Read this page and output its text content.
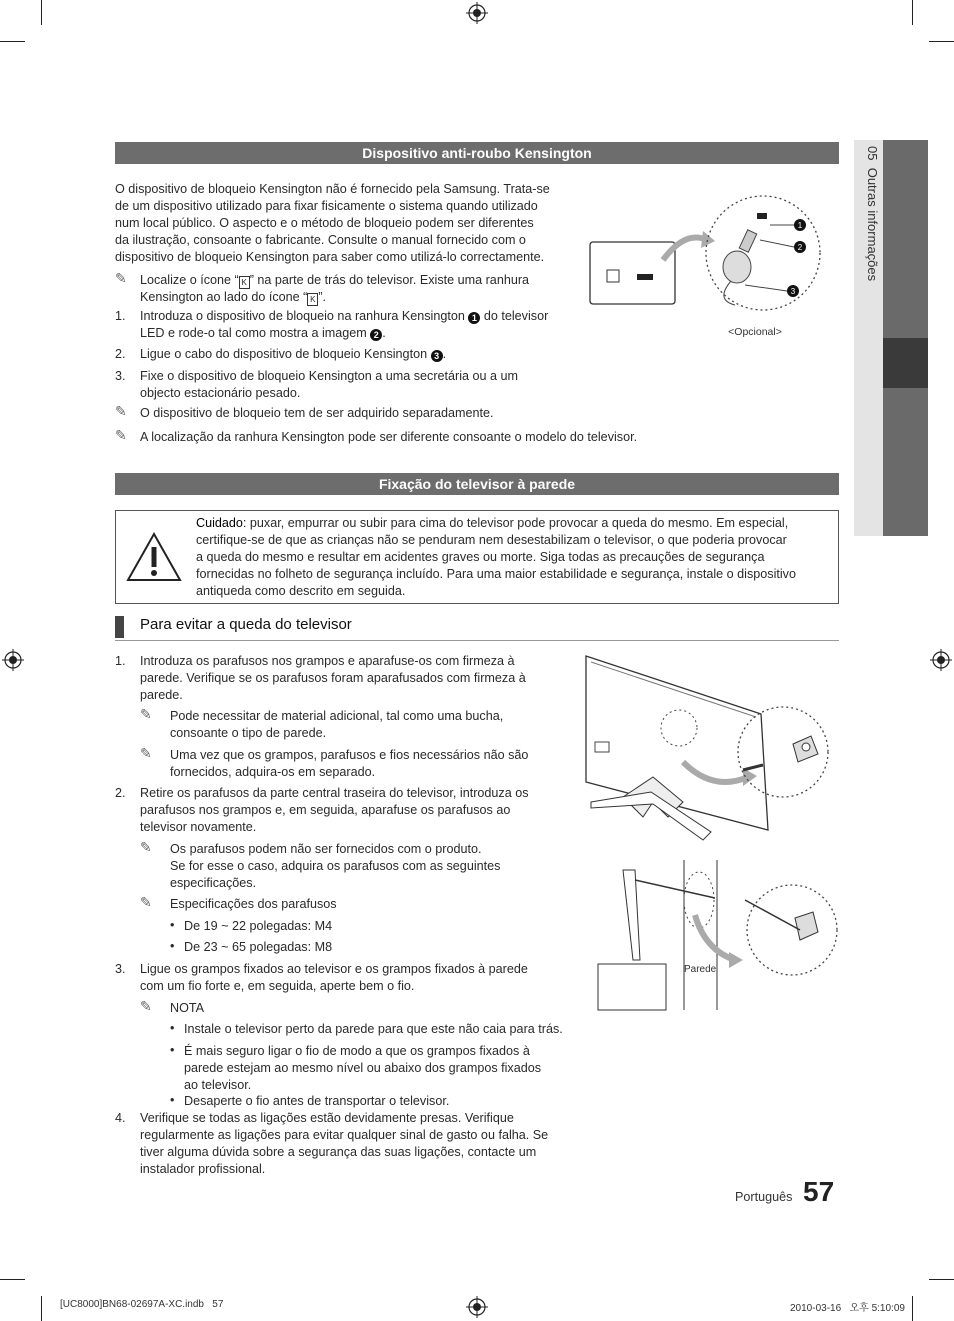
05  Outras informações
Dispositivo anti-roubo Kensington
O dispositivo de bloqueio Kensington não é fornecido pela Samsung. Trata-se
de um dispositivo utilizado para fixar fisicamente o sistema quando utilizado
num local público. O aspecto e o método de bloqueio podem ser diferentes
da ilustração, consoante o fabricante. Consulte o manual fornecido com o
dispositivo de bloqueio Kensington para saber como utilizá-lo correctamente.
✎ Localize o ícone “ K ” na parte de trás do televisor. Existe uma ranhura
Kensington ao lado do ícone “ K ”.
1. Introduza o dispositivo de bloqueio na ranhura Kensington 1 do televisor
LED e rode-o tal como mostra a imagem 2 .
2. Ligue o cabo do dispositivo de bloqueio Kensington 3 .
3. Fixe o dispositivo de bloqueio Kensington a uma secretária ou a um
objecto estacionário pesado.
✎ O dispositivo de bloqueio tem de ser adquirido separadamente.
✎ A localização da ranhura Kensington pode ser diferente consoante o modelo do televisor.
1
2
3
<Opcional>
Fixação do televisor à parede
Cuidado: puxar, empurrar ou subir para cima do televisor pode provocar a queda do mesmo. Em especial,
certifique-se de que as crianças não se penduram nem desestabilizam o televisor, o que poderia provocar
a queda do mesmo e resultar em acidentes graves ou morte. Siga todas as precauções de segurança
fornecidas no folheto de segurança incluído. Para uma maior estabilidade e segurança, instale o dispositivo
antiqueda como descrito em seguida.
Para evitar a queda do televisor
1. Introduza os parafusos nos grampos e aparafuse-os com firmeza à
parede. Verifique se os parafusos foram aparafusados com firmeza à
parede.
✎ Pode necessitar de material adicional, tal como uma bucha,
consoante o tipo de parede.
✎ Uma vez que os grampos, parafusos e fios necessários não são
fornecidos, adquira-os em separado.
2. Retire os parafusos da parte central traseira do televisor, introduza os
parafusos nos grampos e, em seguida, aparafuse os parafusos ao
televisor novamente.
✎ Os parafusos podem não ser fornecidos com o produto.
Se for esse o caso, adquira os parafusos com as seguintes
especificações.
✎ Especificações dos parafusos
• De 19 ~ 22 polegadas: M4
• De 23 ~ 65 polegadas: M8
3. Ligue os grampos fixados ao televisor e os grampos fixados à parede
com um fio forte e, em seguida, aperte bem o fio.
✎ NOTA
• Instale o televisor perto da parede para que este não caia para trás.
• É mais seguro ligar o fio de modo a que os grampos fixados à
parede estejam ao mesmo nível ou abaixo dos grampos fixados
ao televisor.
• Desaperte o fio antes de transportar o televisor.
4. Verifique se todas as ligações estão devidamente presas. Verifique
regularmente as ligações para evitar qualquer sinal de gasto ou falha. Se
tiver alguma dúvida sobre a segurança das suas ligações, contacte um
instalador profissional.
Parede
Português 57
[UC8000]BN68-02697A-XC.indb   57	2010-03-16   오후 5:10:09
